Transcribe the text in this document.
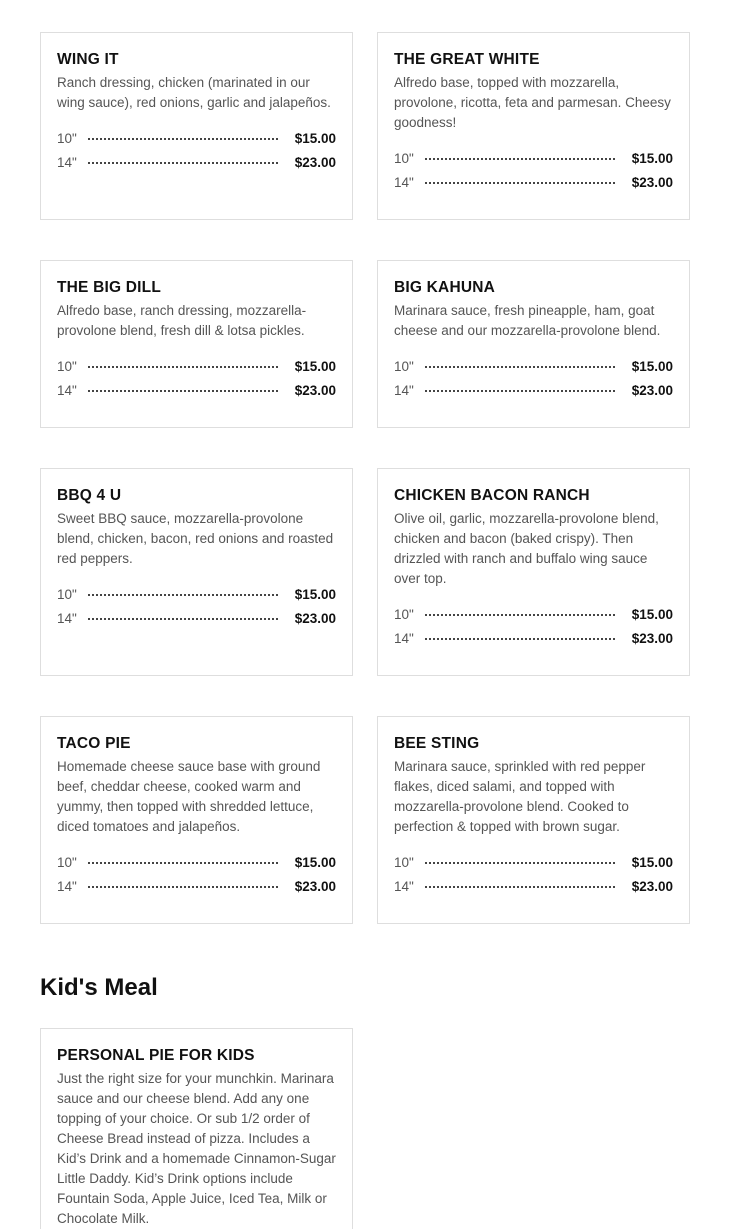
WING IT
Ranch dressing, chicken (marinated in our wing sauce), red onions, garlic and jalapeños.
10"	$15.00
14"	$23.00
THE GREAT WHITE
Alfredo base, topped with mozzarella, provolone, ricotta, feta and parmesan. Cheesy goodness!
10"	$15.00
14"	$23.00
THE BIG DILL
Alfredo base, ranch dressing, mozzarella-provolone blend, fresh dill & lotsa pickles.
10"	$15.00
14"	$23.00
BIG KAHUNA
Marinara sauce, fresh pineapple, ham, goat cheese and our mozzarella-provolone blend.
10"	$15.00
14"	$23.00
BBQ 4 U
Sweet BBQ sauce, mozzarella-provolone blend, chicken, bacon, red onions and roasted red peppers.
10"	$15.00
14"	$23.00
CHICKEN BACON RANCH
Olive oil, garlic, mozzarella-provolone blend, chicken and bacon (baked crispy). Then drizzled with ranch and buffalo wing sauce over top.
10"	$15.00
14"	$23.00
TACO PIE
Homemade cheese sauce base with ground beef, cheddar cheese, cooked warm and yummy, then topped with shredded lettuce, diced tomatoes and jalapeños.
10"	$15.00
14"	$23.00
BEE STING
Marinara sauce, sprinkled with red pepper flakes, diced salami, and topped with mozzarella-provolone blend. Cooked to perfection & topped with brown sugar.
10"	$15.00
14"	$23.00
Kid's Meal
PERSONAL PIE FOR KIDS
Just the right size for your munchkin. Marinara sauce and our cheese blend. Add any one topping of your choice. Or sub 1/2 order of Cheese Bread instead of pizza. Includes a Kid’s Drink and a homemade Cinnamon-Sugar Little Daddy. Kid’s Drink options include Fountain Soda, Apple Juice, Iced Tea, Milk or Chocolate Milk.
